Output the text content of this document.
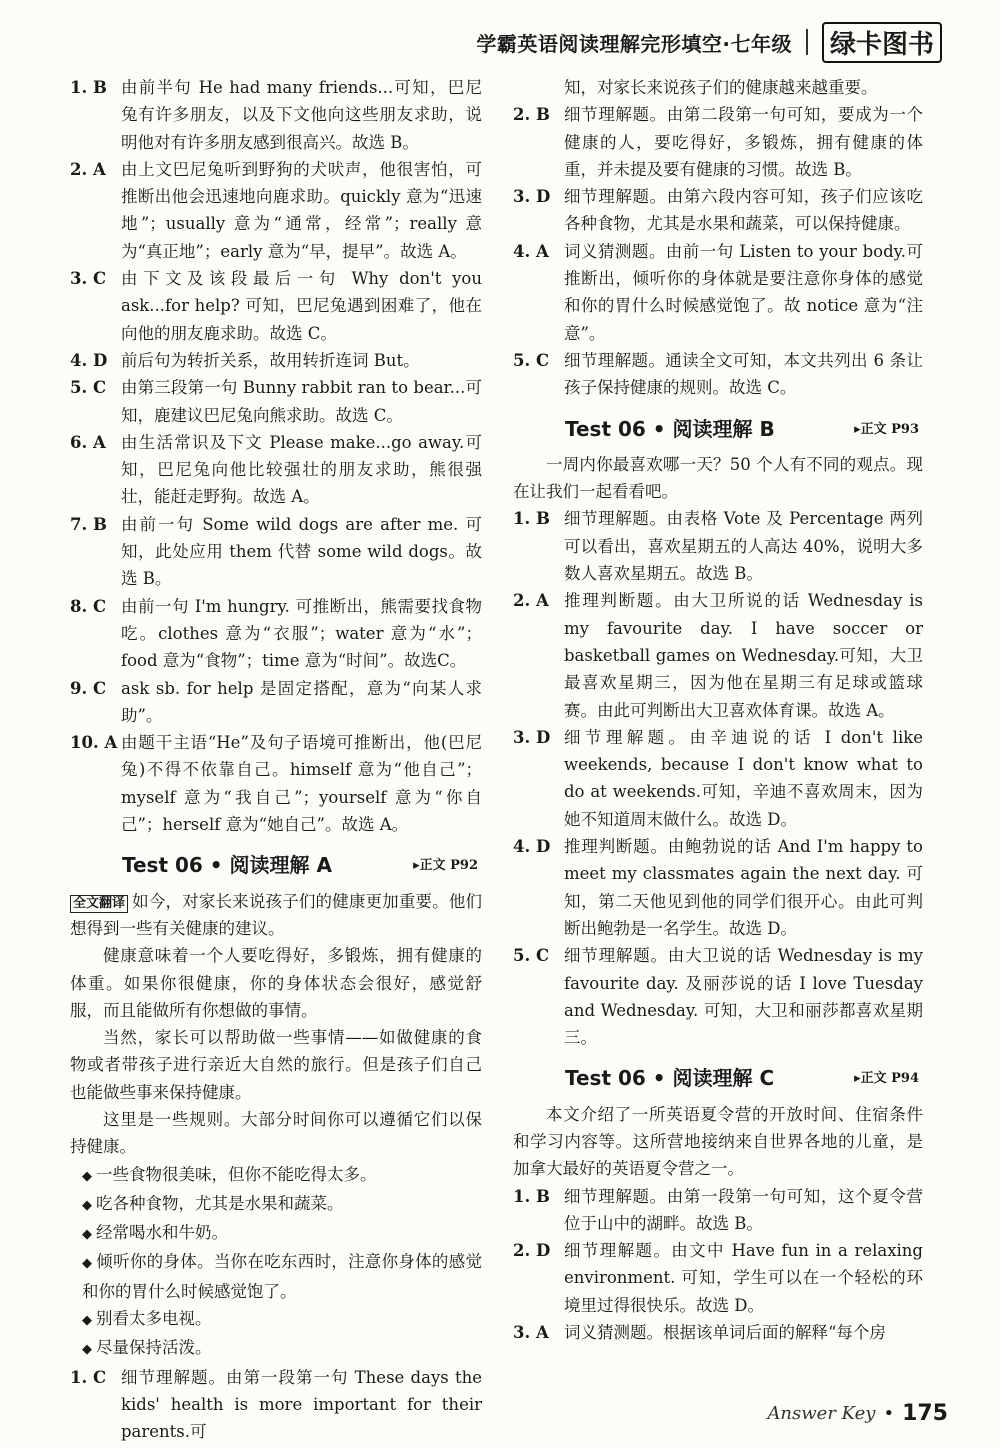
学霸英语阅读理解完形填空·七年级	绿卡图书
1. B 由前半句 He had many friends...可知，巴尼兔有许多朋友，以及下文他向这些朋友求助，说明他对有许多朋友感到很高兴。故选 B。
2. A 由上文巴尼兔听到野狗的犬吠声，他很害怕，可推断出他会迅速地向鹿求助。quickly 意为“迅速地”；usually 意为“通常，经常”；really 意为“真正地”；early 意为“早，提早”。故选 A。
3. C 由下文及该段最后一句 Why don't you ask...for help? 可知，巴尼兔遇到困难了，他在向他的朋友鹿求助。故选 C。
4. D 前后句为转折关系，故用转折连词 But。
5. C 由第三段第一句 Bunny rabbit ran to bear...可知，鹿建议巴尼兔向熊求助。故选 C。
6. A 由生活常识及下文 Please make...go away.可知，巴尼兔向他比较强壮的朋友求助，熊很强壮，能赶走野狗。故选 A。
7. B 由前一句 Some wild dogs are after me. 可知，此处应用 them 代替 some wild dogs。故选 B。
8. C 由前一句 I'm hungry. 可推断出，熊需要找食物吃。clothes 意为“衣服”；water 意为“水”；food 意为“食物”；time 意为“时间”。故选C。
9. C ask sb. for help 是固定搭配，意为“向某人求助”。
10. A 由题干主语“He”及句子语境可推断出，他(巴尼兔)不得不依靠自己。himself 意为“他自己”；myself 意为“我自己”；yourself 意为“你自己”；herself 意为“她自己”。故选 A。
Test 06 • 阅读理解 A	▸正文 P92
全文翻译 如今，对家长来说孩子们的健康更加重要。他们想得到一些有关健康的建议。
健康意味着一个人要吃得好，多锻炼，拥有健康的体重。如果你很健康，你的身体状态会很好，感觉舒服，而且能做所有你想做的事情。
当然，家长可以帮助做一些事情——如做健康的食物或者带孩子进行亲近大自然的旅行。但是孩子们自己也能做些事来保持健康。
这里是一些规则。大部分时间你可以遵循它们以保持健康。
◆ 一些食物很美味，但你不能吃得太多。
◆ 吃各种食物，尤其是水果和蔬菜。
◆ 经常喝水和牛奶。
◆ 倾听你的身体。当你在吃东西时，注意你身体的感觉和你的胃什么时候感觉饱了。
◆ 别看太多电视。
◆ 尽量保持活泼。
1. C 细节理解题。由第一段第一句 These days the kids' health is more important for their parents.可
知，对家长来说孩子们的健康越来越重要。
2. B 细节理解题。由第二段第一句可知，要成为一个健康的人，要吃得好，多锻炼，拥有健康的体重，并未提及要有健康的习惯。故选 B。
3. D 细节理解题。由第六段内容可知，孩子们应该吃各种食物，尤其是水果和蔬菜，可以保持健康。
4. A 词义猜测题。由前一句 Listen to your body.可推断出，倾听你的身体就是要注意你身体的感觉和你的胃什么时候感觉饱了。故 notice 意为“注意”。
5. C 细节理解题。通读全文可知，本文共列出 6 条让孩子保持健康的规则。故选 C。
Test 06 • 阅读理解 B	▸正文 P93
一周内你最喜欢哪一天？50 个人有不同的观点。现在让我们一起看看吧。
1. B 细节理解题。由表格 Vote 及 Percentage 两列可以看出，喜欢星期五的人高达 40%，说明大多数人喜欢星期五。故选 B。
2. A 推理判断题。由大卫所说的话 Wednesday is my favourite day. I have soccer or basketball games on Wednesday.可知，大卫最喜欢星期三，因为他在星期三有足球或篮球赛。由此可判断出大卫喜欢体育课。故选 A。
3. D 细节理解题。由辛迪说的话 I don't like weekends, because I don't know what to do at weekends.可知，辛迪不喜欢周末，因为她不知道周末做什么。故选 D。
4. D 推理判断题。由鲍勃说的话 And I'm happy to meet my classmates again the next day. 可知，第二天他见到他的同学们很开心。由此可判断出鲍勃是一名学生。故选 D。
5. C 细节理解题。由大卫说的话 Wednesday is my favourite day. 及丽莎说的话 I love Tuesday and Wednesday. 可知，大卫和丽莎都喜欢星期三。
Test 06 • 阅读理解 C	▸正文 P94
本文介绍了一所英语夏令营的开放时间、住宿条件和学习内容等。这所营地接纳来自世界各地的儿童，是加拿大最好的英语夏令营之一。
1. B 细节理解题。由第一段第一句可知，这个夏令营位于山中的湖畔。故选 B。
2. D 细节理解题。由文中 Have fun in a relaxing environment. 可知，学生可以在一个轻松的环境里过得很快乐。故选 D。
3. A 词义猜测题。根据该单词后面的解释“每个房
Answer Key • 175
